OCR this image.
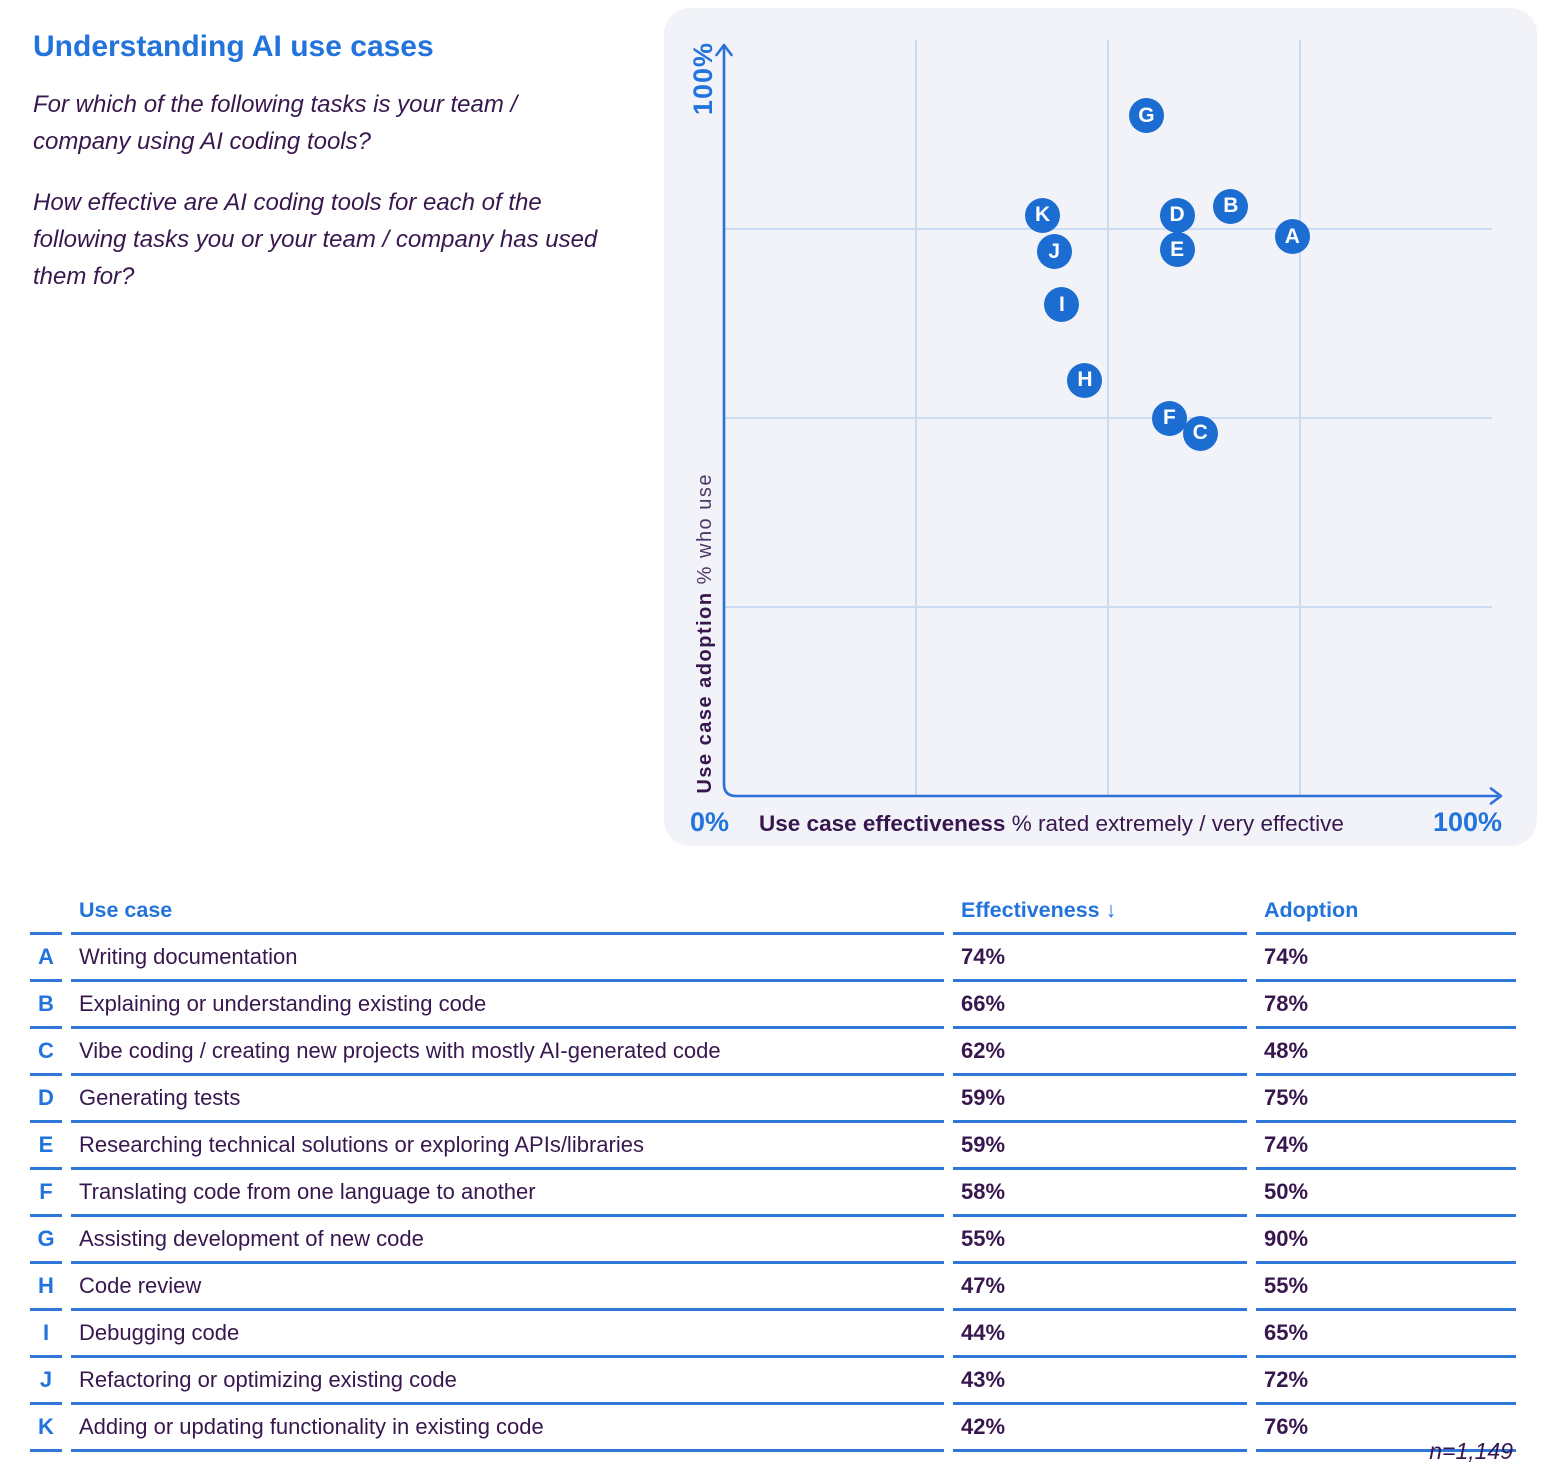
Understanding AI use cases

For which of the following tasks is your team / company using AI coding tools?

How effective are AI coding tools for each of the following tasks you or your team / company has used them for?

A
B
C
D
E
F
G
H
I
J
K
100%
Use case adoption % who use
0% Use case effectiveness % rated extremely / very effective	100%
	Use case	Effectiveness ↓	Adoption
A	Writing documentation	74%	74%
B	Explaining or understanding existing code	66%	78%
C	Vibe coding / creating new projects with mostly AI-generated code	62%	48%
D	Generating tests	59%	75%
E	Researching technical solutions or exploring APIs/libraries	59%	74%
F	Translating code from one language to another	58%	50%
G	Assisting development of new code	55%	90%
H	Code review	47%	55%
I	Debugging code	44%	65%
J	Refactoring or optimizing existing code	43%	72%
K	Adding or updating functionality in existing code	42%	76%
n=1,149
